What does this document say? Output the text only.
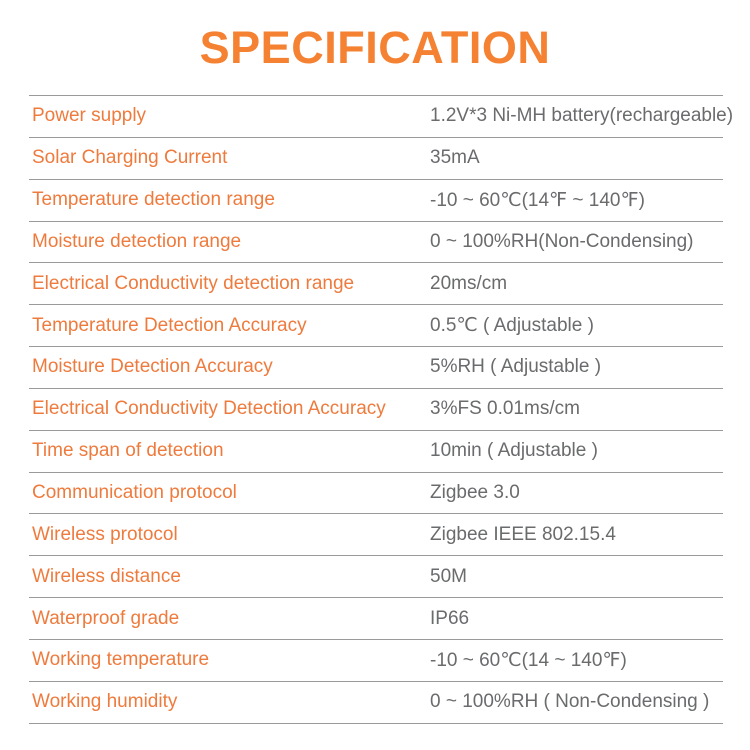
SPECIFICATION
Power supply	1.2V*3 Ni-MH battery(rechargeable)
Solar Charging Current	35mA
Temperature detection range	-10 ~ 60℃(14℉ ~ 140℉)
Moisture detection range	0 ~ 100%RH(Non-Condensing)
Electrical Conductivity detection range	20ms/cm
Temperature Detection Accuracy	0.5℃ ( Adjustable )
Moisture Detection Accuracy	5%RH ( Adjustable )
Electrical Conductivity Detection Accuracy	3%FS 0.01ms/cm
Time span of detection	10min ( Adjustable )
Communication protocol	Zigbee 3.0
Wireless protocol	Zigbee IEEE 802.15.4
Wireless distance	50M
Waterproof grade	IP66
Working temperature	-10 ~ 60℃(14 ~ 140℉)
Working humidity	0 ~ 100%RH ( Non-Condensing )
